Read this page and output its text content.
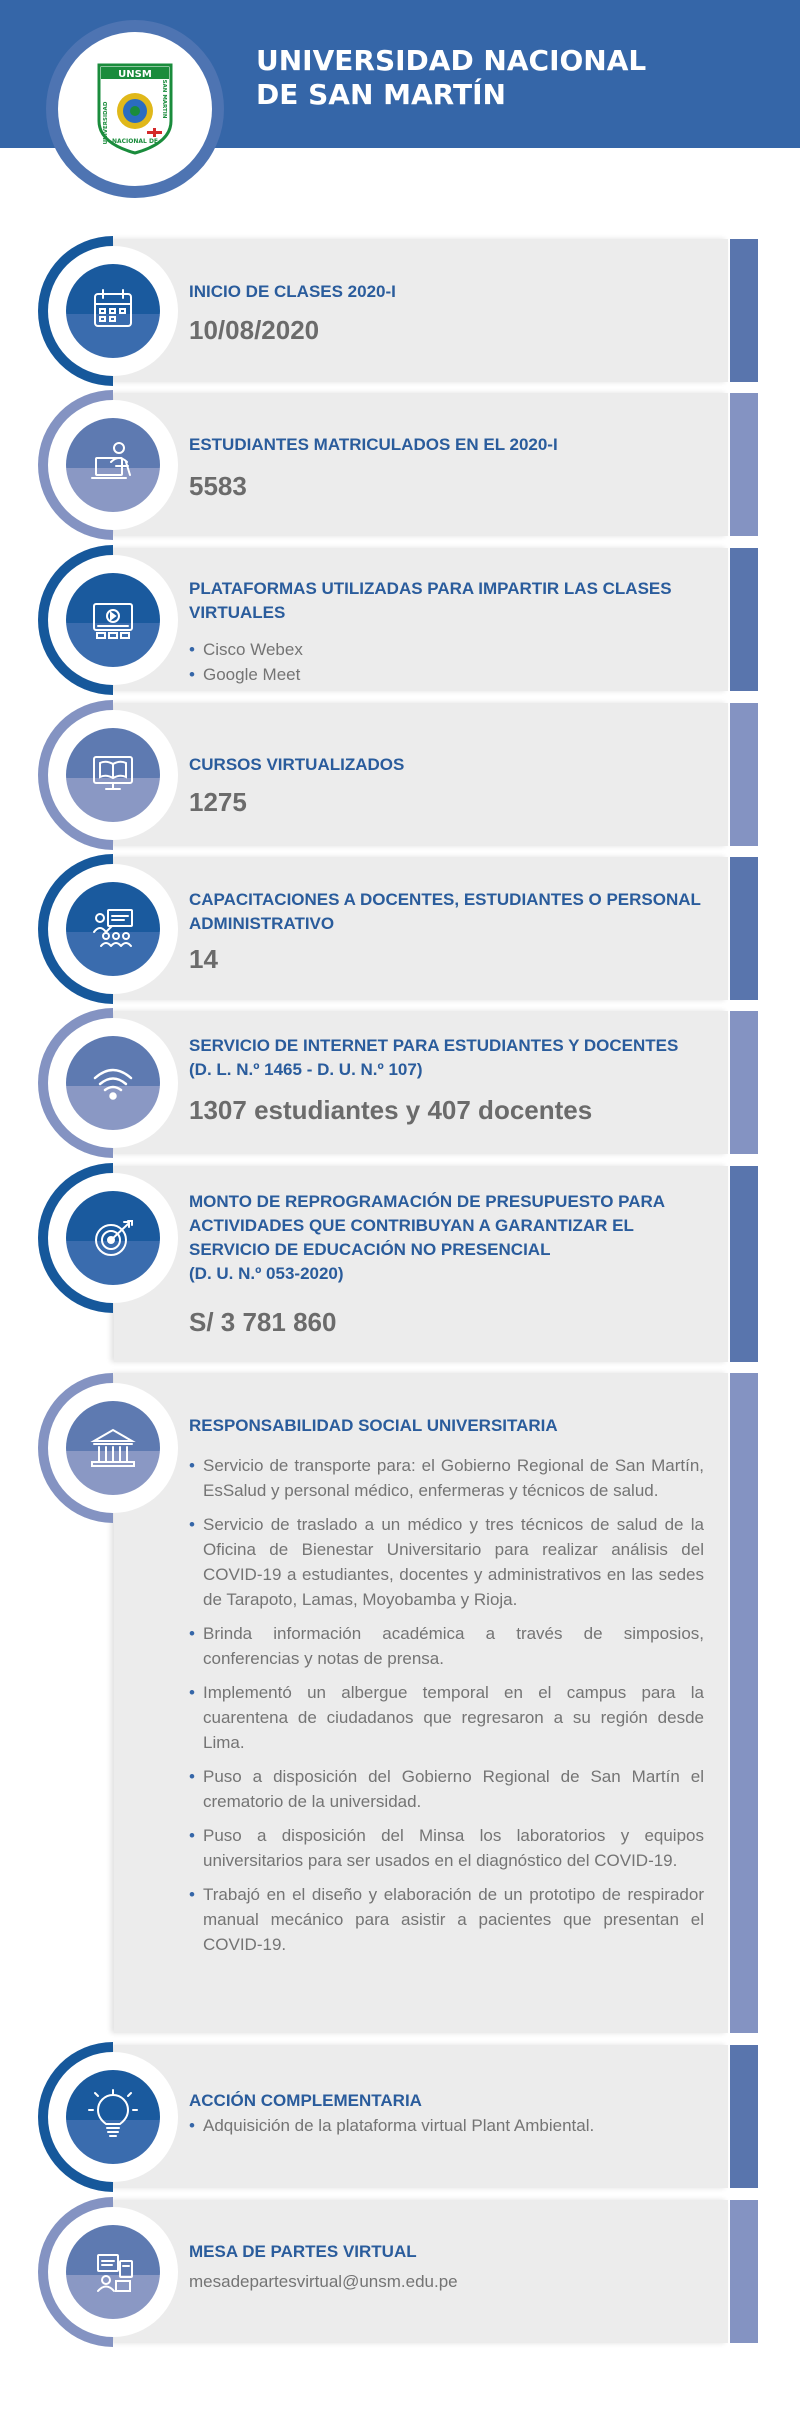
UNIVERSIDAD NACIONAL
DE SAN MARTÍN
UNSM
UNIVERSIDAD
SAN MARTIN
NACIONAL DE
INICIO DE CLASES 2020-I
10/08/2020
ESTUDIANTES MATRICULADOS EN EL 2020-I
5583
PLATAFORMAS UTILIZADAS PARA IMPARTIR LAS CLASES
VIRTUALES
• Cisco Webex
• Google Meet
CURSOS VIRTUALIZADOS
1275
CAPACITACIONES A DOCENTES, ESTUDIANTES O PERSONAL
ADMINISTRATIVO
14
SERVICIO DE INTERNET PARA ESTUDIANTES Y DOCENTES
(D. L. N.º 1465 - D. U. N.º 107)
1307 estudiantes y 407 docentes
MONTO DE REPROGRAMACIÓN DE PRESUPUESTO PARA
ACTIVIDADES QUE CONTRIBUYAN A GARANTIZAR EL
SERVICIO DE EDUCACIÓN NO PRESENCIAL
(D. U. N.º 053-2020)
S/ 3 781 860
RESPONSABILIDAD SOCIAL UNIVERSITARIA
• Servicio de transporte para: el Gobierno Regional de San Martín, EsSalud y personal médico, enfermeras y técnicos de salud.
• Servicio de traslado a un médico y tres técnicos de salud de la Oficina de Bienestar Universitario para realizar análisis del COVID-19 a estudiantes, docentes y administrativos en las sedes de Tarapoto, Lamas, Moyobamba y Rioja.
• Brinda información académica a través de simposios, conferencias y notas de prensa.
• Implementó un albergue temporal en el campus para la cuarentena de ciudadanos que regresaron a su región desde Lima.
• Puso a disposición del Gobierno Regional de San Martín el crematorio de la universidad.
• Puso a disposición del Minsa los laboratorios y equipos universitarios para ser usados en el diagnóstico del COVID-19.
• Trabajó en el diseño y elaboración de un prototipo de respirador manual mecánico para asistir a pacientes que presentan el COVID-19.
ACCIÓN COMPLEMENTARIA
• Adquisición de la plataforma virtual Plant Ambiental.
MESA DE PARTES VIRTUAL
mesadepartesvirtual@unsm.edu.pe
